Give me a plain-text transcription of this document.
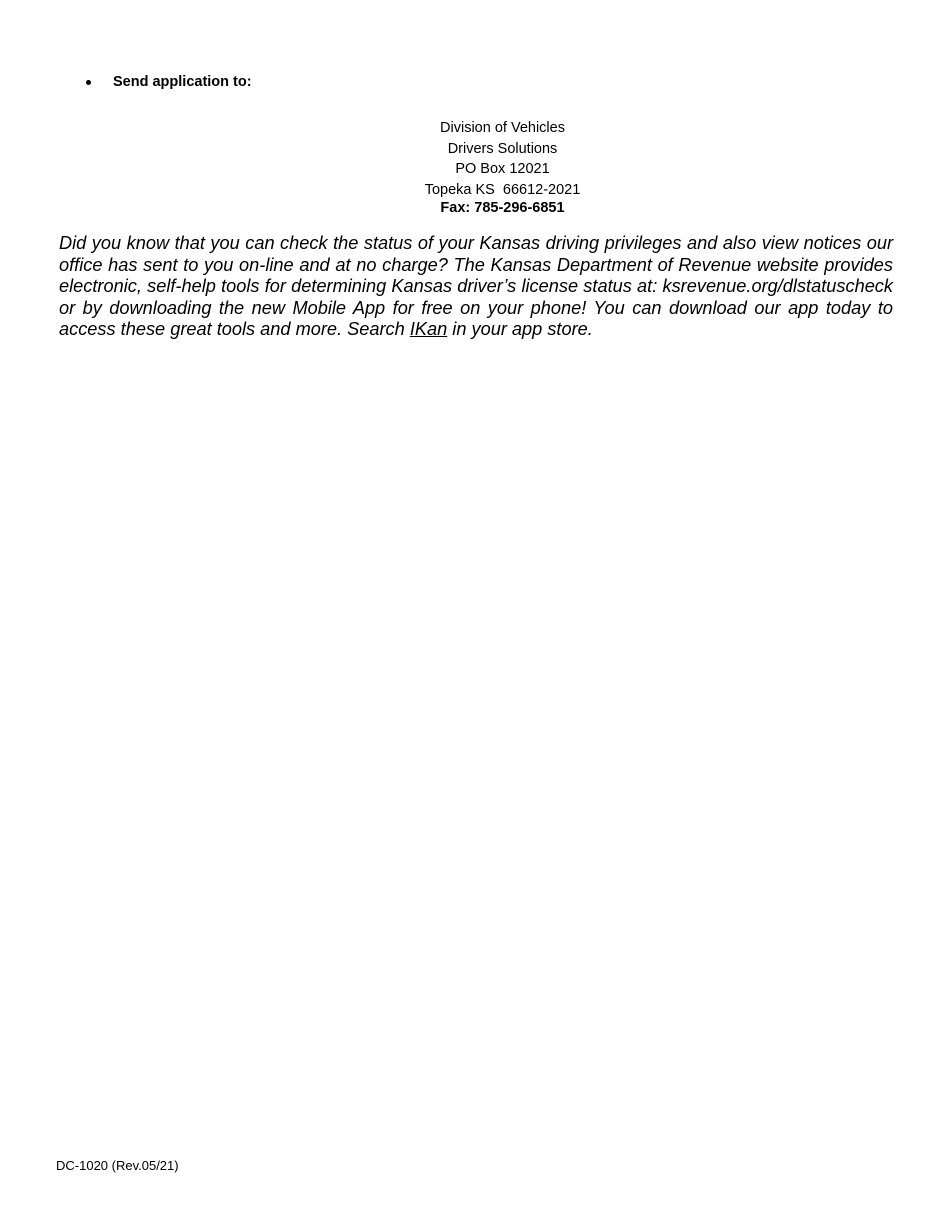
Send application to:
Division of Vehicles
Drivers Solutions
PO Box 12021
Topeka KS  66612-2021
Fax: 785-296-6851
Did you know that you can check the status of your Kansas driving privileges and also view notices our office has sent to you on-line and at no charge? The Kansas Department of Revenue website provides electronic, self-help tools for determining Kansas driver’s license status at: ksrevenue.org/dlstatuscheck or by downloading the new Mobile App for free on your phone! You can download our app today to access these great tools and more. Search IKan in your app store.
DC-1020 (Rev.05/21)
